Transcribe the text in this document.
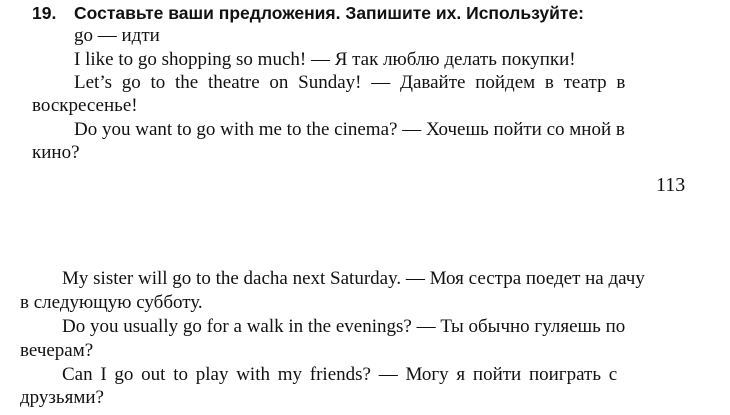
19. Составьте ваши предложения. Запишите их. Используйте:
go — идти
I like to go shopping so much! — Я так люблю делать покупки!
Let’s go to the theatre on Sunday! — Давайте пойдем в театр в
воскресенье!
Do you want to go with me to the cinema? — Хочешь пойти со мной в
кино?
113
My sister will go to the dacha next Saturday. — Моя сестра поедет на дачу
в следующую субботу.
Do you usually go for a walk in the evenings? — Ты обычно гуляешь по
вечерам?
Can I go out to play with my friends? — Могу я пойти поиграть с
друзьями?
